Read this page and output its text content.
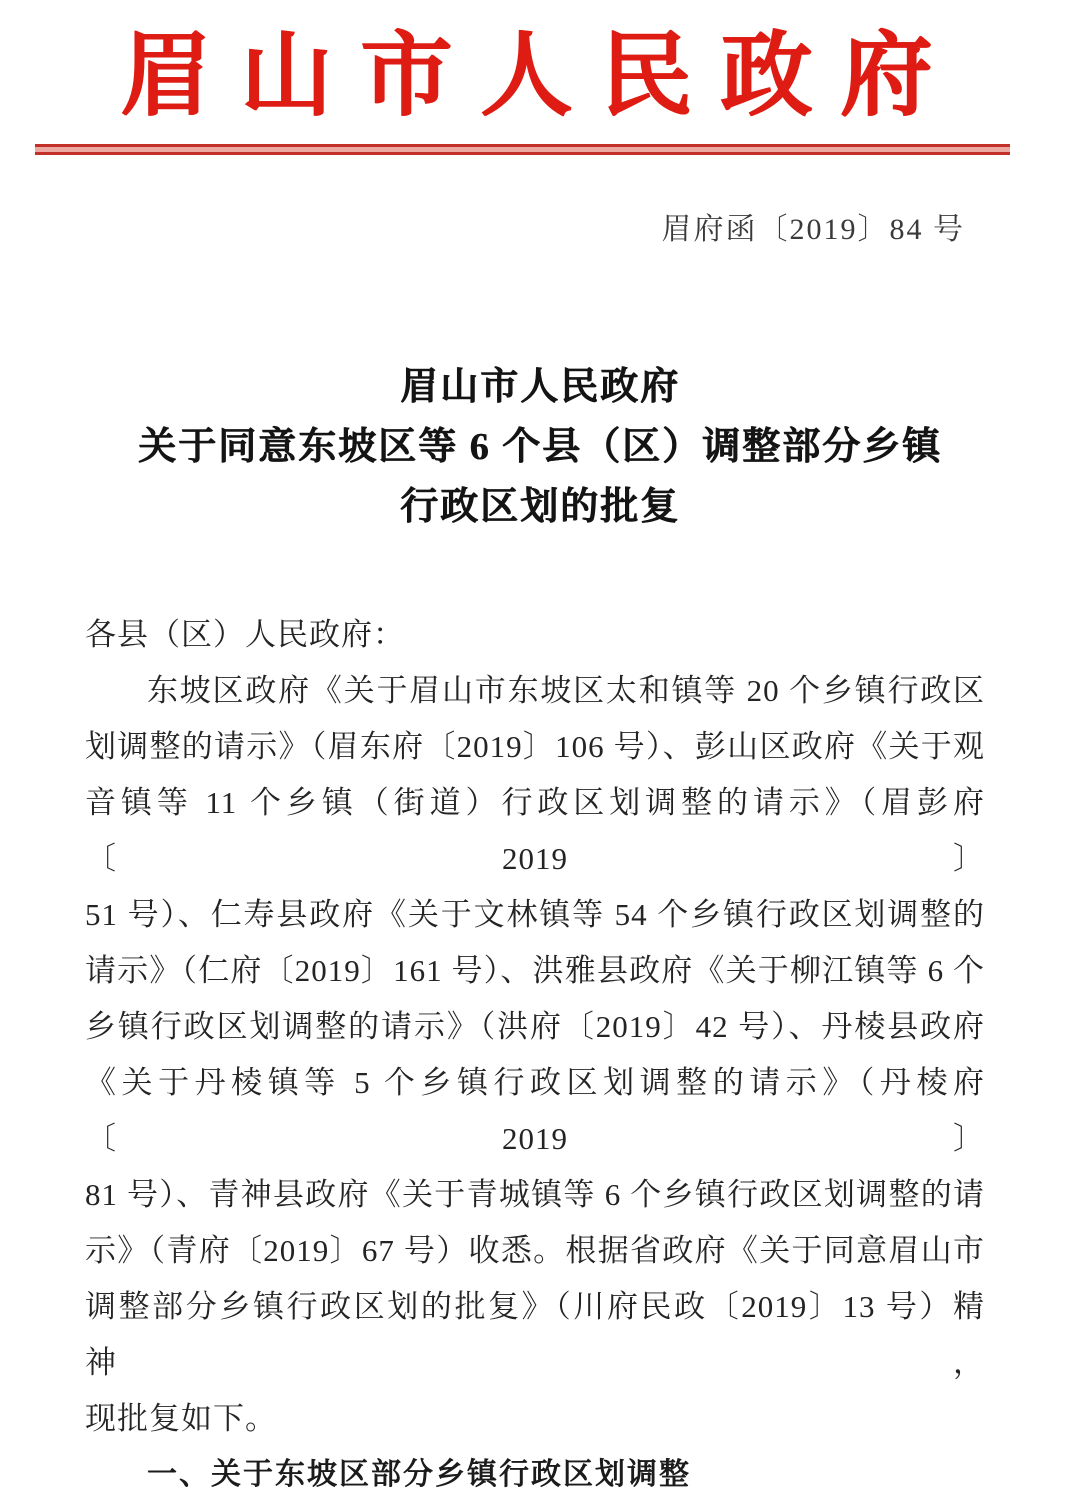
眉山市人民政府
眉府函〔2019〕84 号
眉山市人民政府
关于同意东坡区等 6 个县（区）调整部分乡镇
行政区划的批复
各县（区）人民政府：
东坡区政府《关于眉山市东坡区太和镇等 20 个乡镇行政区
划调整的请示》（眉东府〔2019〕106 号）、彭山区政府《关于观
音镇等 11 个乡镇（街道）行政区划调整的请示》（眉彭府〔2019〕
51 号）、仁寿县政府《关于文林镇等 54 个乡镇行政区划调整的
请示》（仁府〔2019〕161 号）、洪雅县政府《关于柳江镇等 6 个
乡镇行政区划调整的请示》（洪府〔2019〕42 号）、丹棱县政府
《关于丹棱镇等 5 个乡镇行政区划调整的请示》（丹棱府〔2019〕
81 号）、青神县政府《关于青城镇等 6 个乡镇行政区划调整的请
示》（青府〔2019〕67 号）收悉。根据省政府《关于同意眉山市
调整部分乡镇行政区划的批复》（川府民政〔2019〕13 号）精神，
现批复如下。
一、关于东坡区部分乡镇行政区划调整
